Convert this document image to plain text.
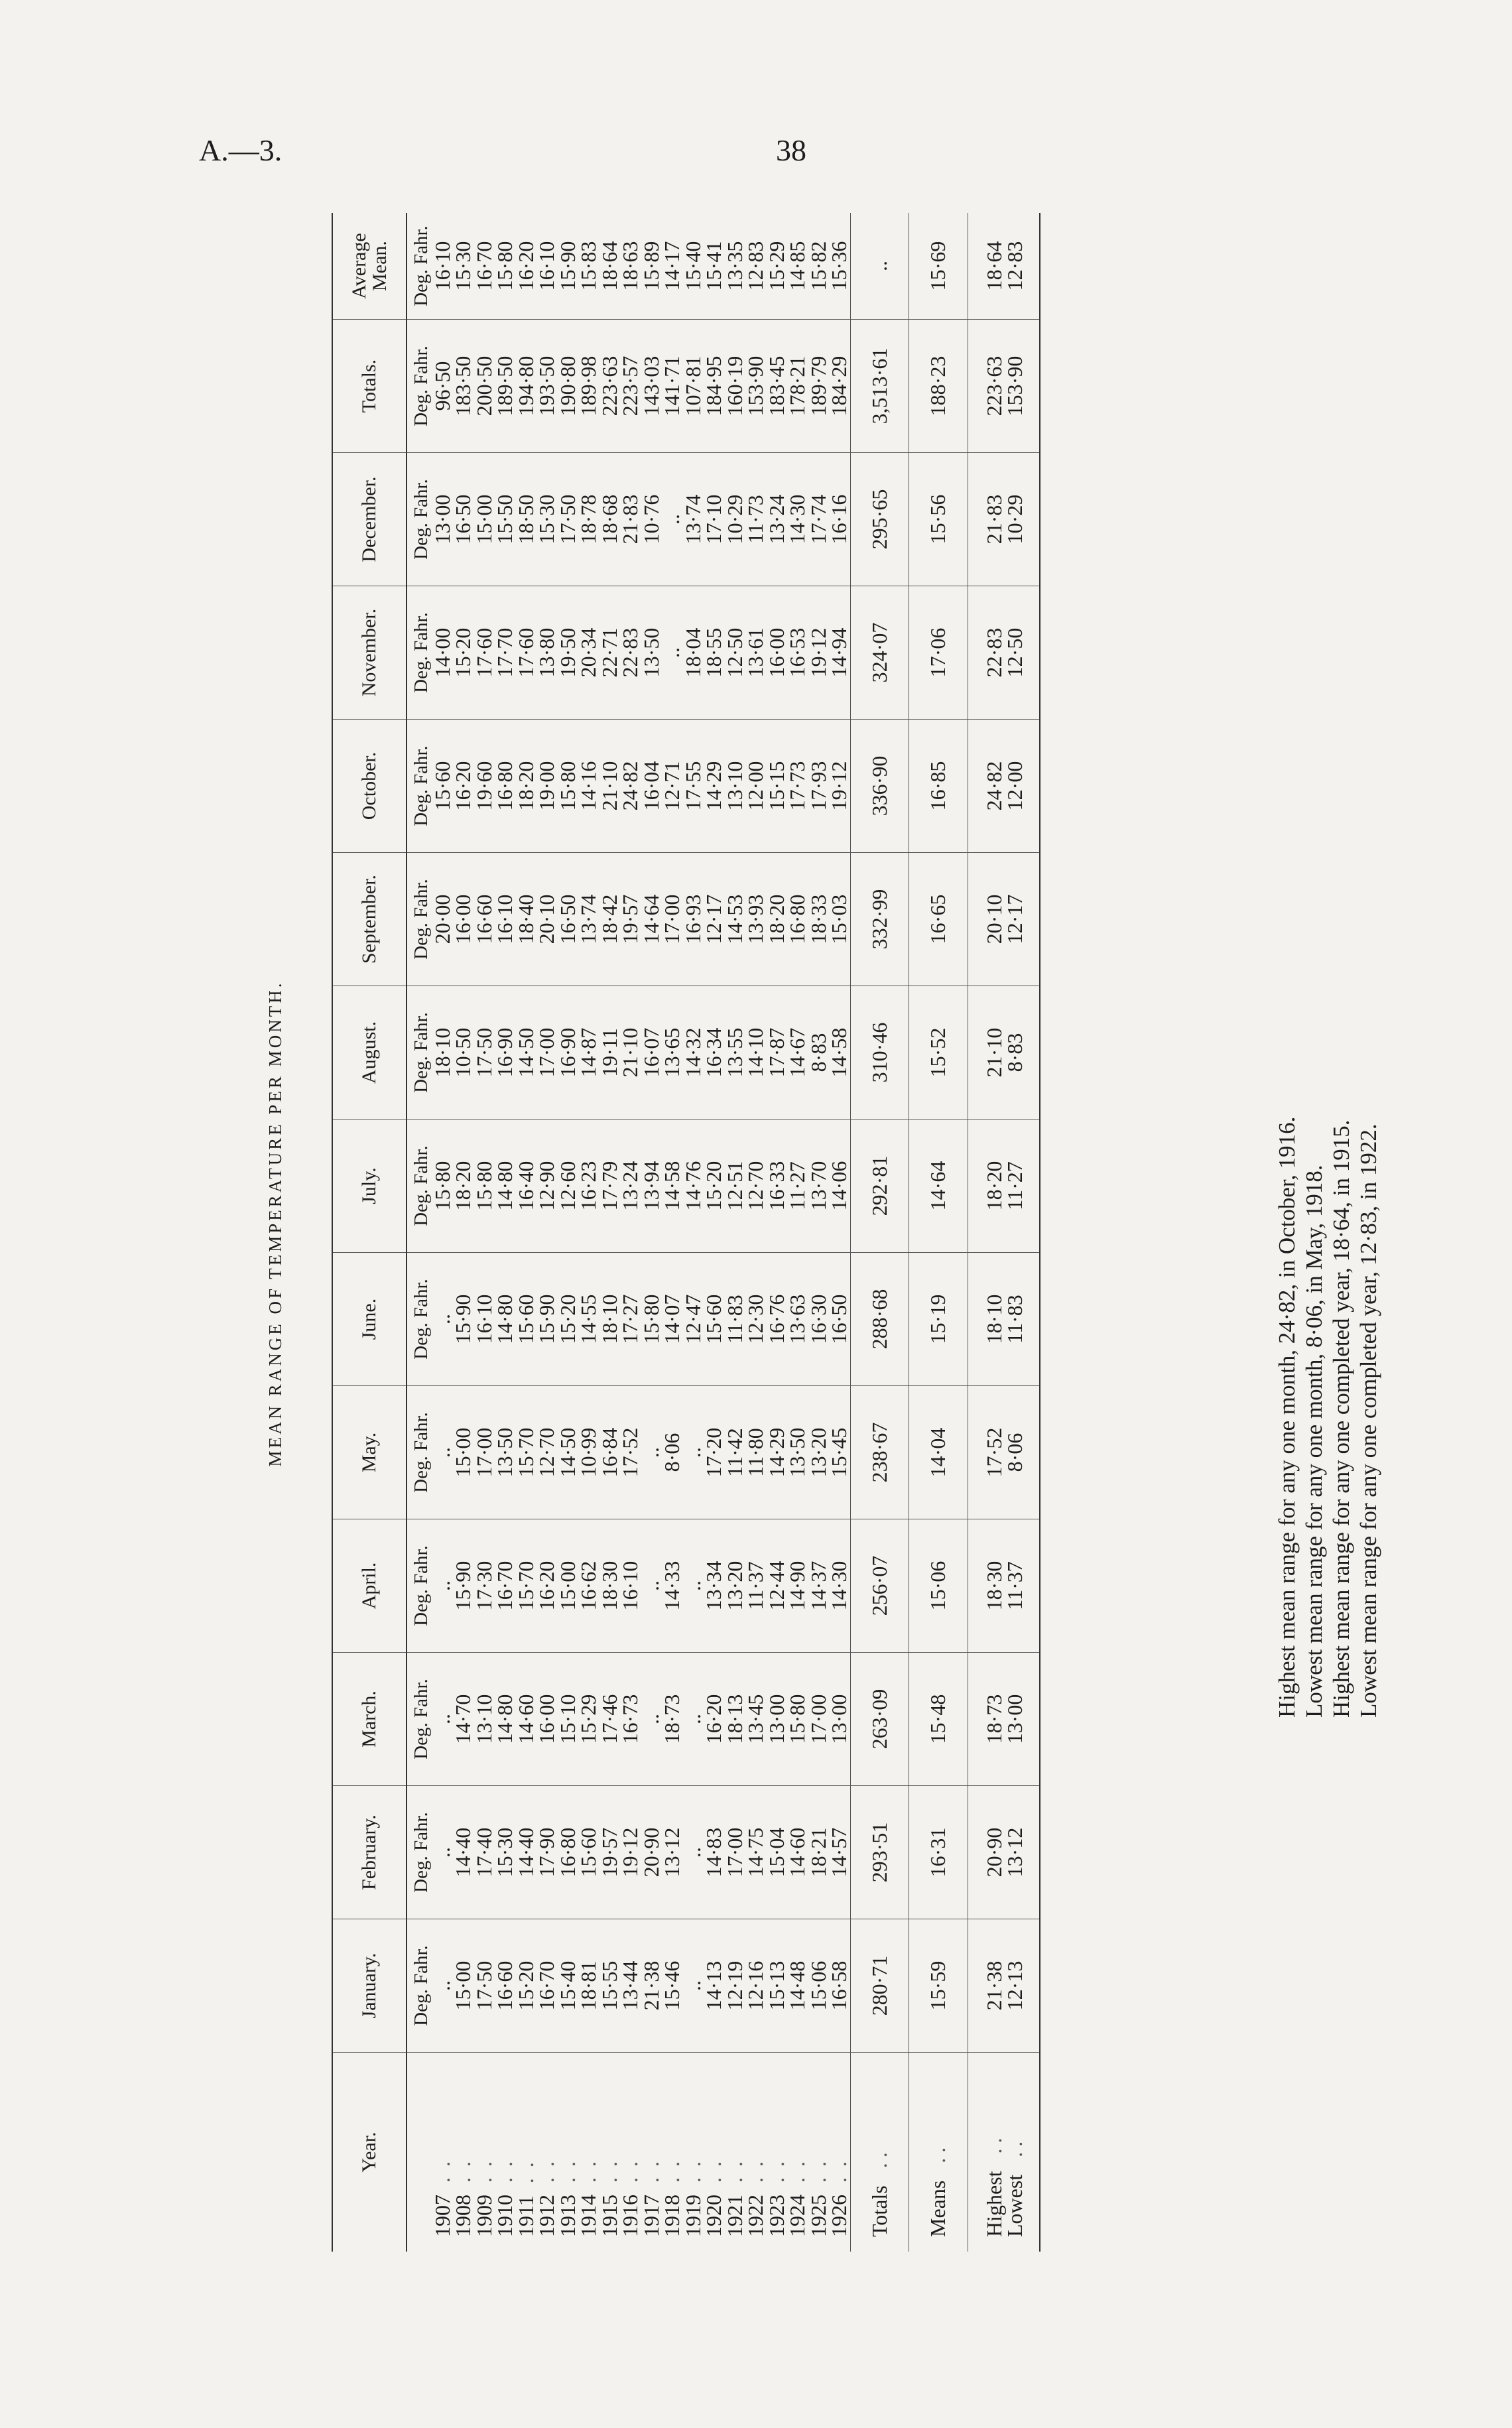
A.—3.	38
MEAN RANGE OF TEMPERATURE PER MONTH.
Year.	January.	February.	March.	April.	May.	June.	July.	August.	September.	October.	November.	December.	Totals.	Average Mean.
	Deg. Fahr.	Deg. Fahr.	Deg. Fahr.	Deg. Fahr.	Deg. Fahr.	Deg. Fahr.	Deg. Fahr.	Deg. Fahr.	Deg. Fahr.	Deg. Fahr.	Deg. Fahr.	Deg. Fahr.	Deg. Fahr.	Deg. Fahr.
1907. .	..	..	..	..	..	..	15·80	18·10	20·00	15·60	14·00	13·00	96·50	16·10
1908. .	15·00	14·40	14·70	15·90	15·00	15·90	18·20	10·50	16·00	16·20	15·20	16·50	183·50	15·30
1909. .	17·50	17·40	13·10	17·30	17·00	16·10	15·80	17·50	16·60	19·60	17·60	15·00	200·50	16·70
1910. .	16·60	15·30	14·80	16·70	13·50	14·80	14·80	16·90	16·10	16·80	17·70	15·50	189·50	15·80
1911. .	15·20	14·40	14·60	15·70	15·70	15·60	16·40	14·50	18·40	18·20	17·60	18·50	194·80	16·20
1912. .	16·70	17·90	16·00	16·20	12·70	15·90	12·90	17·00	20·10	19·00	13·80	15·30	193·50	16·10
1913. .	15·40	16·80	15·10	15·00	14·50	15·20	12·60	16·90	16·50	15·80	19·50	17·50	190·80	15·90
1914. .	18·81	15·60	15·29	16·62	10·99	14·55	16·23	14·87	13·74	14·16	20·34	18·78	189·98	15·83
1915. .	15·55	19·57	17·46	18·30	16·84	18·10	17·79	19·11	18·42	21·10	22·71	18·68	223·63	18·64
1916. .	13·44	19·12	16·73	16·10	17·52	17·27	13·24	21·10	19·57	24·82	22·83	21·83	223·57	18·63
1917. .	21·38	20·90	..	..	..	15·80	13·94	16·07	14·64	16·04	13·50	10·76	143·03	15·89
1918. .	15·46	13·12	18·73	14·33	8·06	14·07	14·58	13·65	17·00	12·71	..	..	141·71	14·17
1919. .	..	..	..	..	..	12·47	14·76	14·32	16·93	17·55	18·04	13·74	107·81	15·40
1920. .	14·13	14·83	16·20	13·34	17·20	15·60	15·20	16·34	12·17	14·29	18·55	17·10	184·95	15·41
1921. .	12·19	17·00	18·13	13·20	11·42	11·83	12·51	13·55	14·53	13·10	12·50	10·29	160·19	13·35
1922. .	12·16	14·75	13·45	11·37	11·80	12·30	12·70	14·10	13·93	12·00	13·61	11·73	153·90	12·83
1923. .	15·13	15·04	13·00	12·44	14·29	16·76	16·33	17·87	18·20	15·15	16·00	13·24	183·45	15·29
1924. .	14·48	14·60	15·80	14·90	13·50	13·63	11·27	14·67	16·80	17·73	16·53	14·30	178·21	14·85
1925. .	15·06	18·21	17·00	14·37	13·20	16·30	13·70	8·83	18·33	17·93	19·12	17·74	189·79	15·82
1926. .	16·58	14·57	13·00	14·30	15·45	16·50	14·06	14·58	15·03	19·12	14·94	16·16	184·29	15·36
Totals . .	280·71	293·51	263·09	256·07	238·67	288·68	292·81	310·46	332·99	336·90	324·07	295·65	3,513·61	..
Means . .	15·59	16·31	15·48	15·06	14·04	15·19	14·64	15·52	16·65	16·85	17·06	15·56	188·23	15·69
Highest . .	21·38	20·90	18·73	18·30	17·52	18·10	18·20	21·10	20·10	24·82	22·83	21·83	223·63	18·64
Lowest . .	12·13	13·12	13·00	11·37	8·06	11·83	11·27	8·83	12·17	12·00	12·50	10·29	153·90	12·83
Highest mean range for any one month, 24·82, in October, 1916. Lowest mean range for any one month, 8·06, in May, 1918. Highest mean range for any one completed year, 18·64, in 1915. Lowest mean range for any one completed year, 12·83, in 1922.
